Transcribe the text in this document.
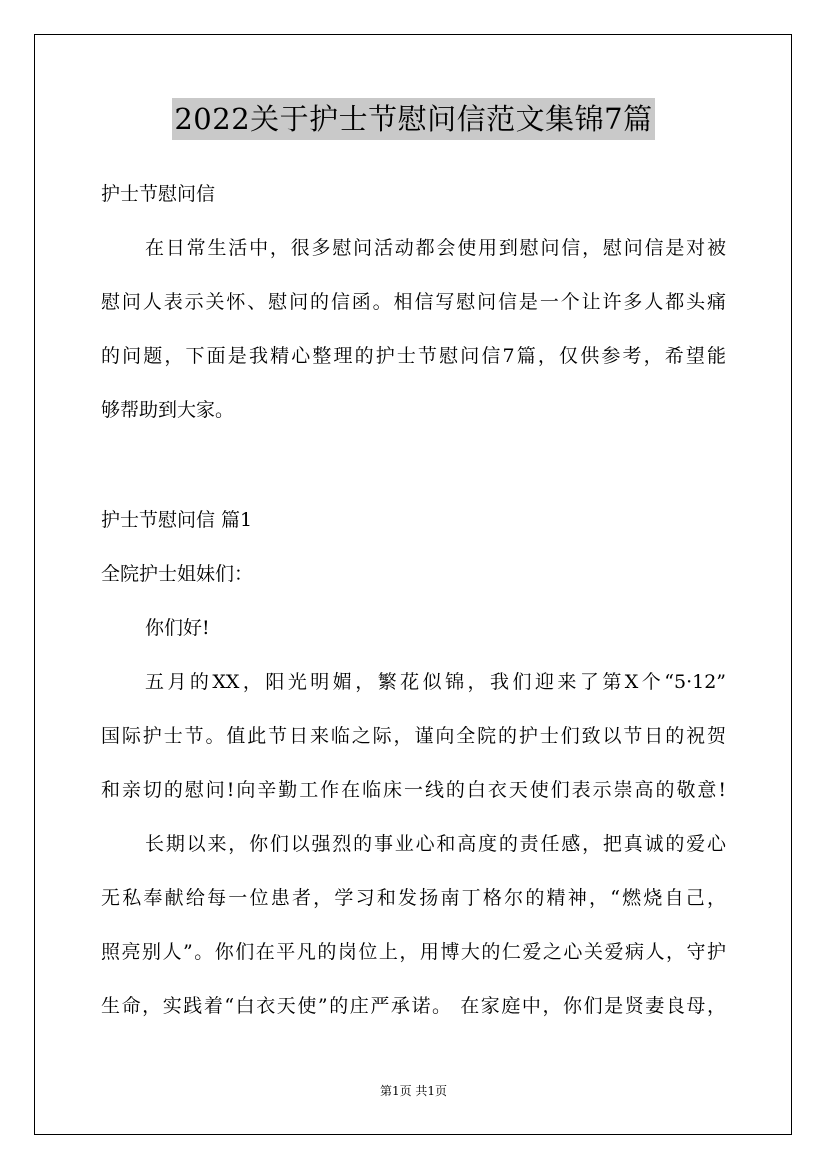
2022关于护士节慰问信范文集锦7篇
护士节慰问信
在日常生活中，很多慰问活动都会使用到慰问信，慰问信是对被
慰问人表示关怀、慰问的信函。相信写慰问信是一个让许多人都头痛
的问题，下面是我精心整理的护士节慰问信7篇，仅供参考，希望能
够帮助到大家。
护士节慰问信 篇1
全院护士姐妹们：
你们好!
五月的XX，阳光明媚，繁花似锦，我们迎来了第X个“5·12”
国际护士节。值此节日来临之际，谨向全院的护士们致以节日的祝贺
和亲切的慰问!向辛勤工作在临床一线的白衣天使们表示崇高的敬意!
长期以来，你们以强烈的事业心和高度的责任感，把真诚的爱心
无私奉献给每一位患者，学习和发扬南丁格尔的精神，“燃烧自己，
照亮别人”。你们在平凡的岗位上，用博大的仁爱之心关爱病人，守护
生命，实践着“白衣天使”的庄严承诺。 在家庭中，你们是贤妻良母，
第1页 共1页
